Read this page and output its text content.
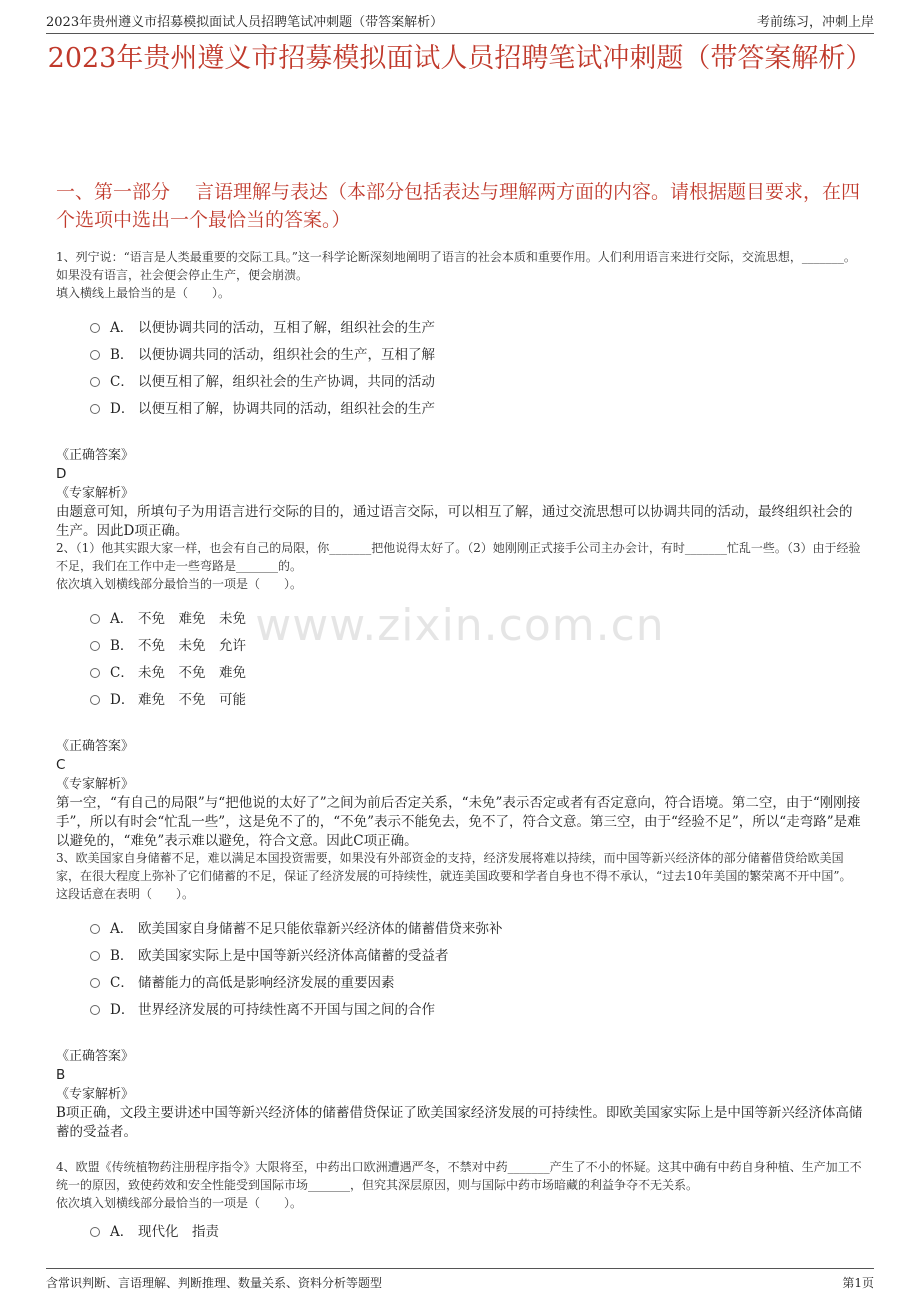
2023年贵州遵义市招募模拟面试人员招聘笔试冲刺题（带答案解析）	考前练习，冲刺上岸
2023年贵州遵义市招募模拟面试人员招聘笔试冲刺题（带答案解析）
一、第一部分　 言语理解与表达（本部分包括表达与理解两方面的内容。请根据题目要求，在四个选项中选出一个最恰当的答案。）
www.zixin.com.cn
1、列宁说：“语言是人类最重要的交际工具。”这一科学论断深刻地阐明了语言的社会本质和重要作用。人们利用语言来进行交际，交流思想，_______。如果没有语言，社会便会停止生产，便会崩溃。
填入横线上最恰当的是（　　）。
A． 以便协调共同的活动，互相了解，组织社会的生产
B． 以便协调共同的活动，组织社会的生产，互相了解
C． 以便互相了解，组织社会的生产协调，共同的活动
D． 以便互相了解，协调共同的活动，组织社会的生产
《正确答案》
D
《专家解析》
由题意可知，所填句子为用语言进行交际的目的，通过语言交际，可以相互了解，通过交流思想可以协调共同的活动，最终组织社会的生产。因此D项正确。
2、（1）他其实跟大家一样，也会有自己的局限，你_______把他说得太好了。（2）她刚刚正式接手公司主办会计，有时_______忙乱一些。（3）由于经验不足，我们在工作中走一些弯路是_______的。
依次填入划横线部分最恰当的一项是（　　）。
A． 不免　难免　未免
B． 不免　未免　允许
C． 未免　不免　难免
D． 难免　不免　可能
《正确答案》
C
《专家解析》
第一空，“有自己的局限”与“把他说的太好了”之间为前后否定关系，“未免”表示否定或者有否定意向，符合语境。第二空，由于“刚刚接手”，所以有时会“忙乱一些”，这是免不了的，“不免”表示不能免去，免不了，符合文意。第三空，由于“经验不足”，所以“走弯路”是难以避免的，“难免”表示难以避免，符合文意。因此C项正确。
3、欧美国家自身储蓄不足，难以满足本国投资需要，如果没有外部资金的支持，经济发展将难以持续，而中国等新兴经济体的部分储蓄借贷给欧美国家，在很大程度上弥补了它们储蓄的不足，保证了经济发展的可持续性，就连美国政要和学者自身也不得不承认，“过去10年美国的繁荣离不开中国”。
这段话意在表明（　　）。
A． 欧美国家自身储蓄不足只能依靠新兴经济体的储蓄借贷来弥补
B． 欧美国家实际上是中国等新兴经济体高储蓄的受益者
C． 储蓄能力的高低是影响经济发展的重要因素
D． 世界经济发展的可持续性离不开国与国之间的合作
《正确答案》
B
《专家解析》
B项正确，文段主要讲述中国等新兴经济体的储蓄借贷保证了欧美国家经济发展的可持续性。即欧美国家实际上是中国等新兴经济体高储蓄的受益者。
4、欧盟《传统植物药注册程序指令》大限将至，中药出口欧洲遭遇严冬，不禁对中药_______产生了不小的怀疑。这其中确有中药自身种植、生产加工不统一的原因，致使药效和安全性能受到国际市场_______，但究其深层原因，则与国际中药市场暗藏的利益争夺不无关系。
依次填入划横线部分最恰当的一项是（　　）。
A． 现代化　指责
含常识判断、言语理解、判断推理、数量关系、资料分析等题型	第1页
